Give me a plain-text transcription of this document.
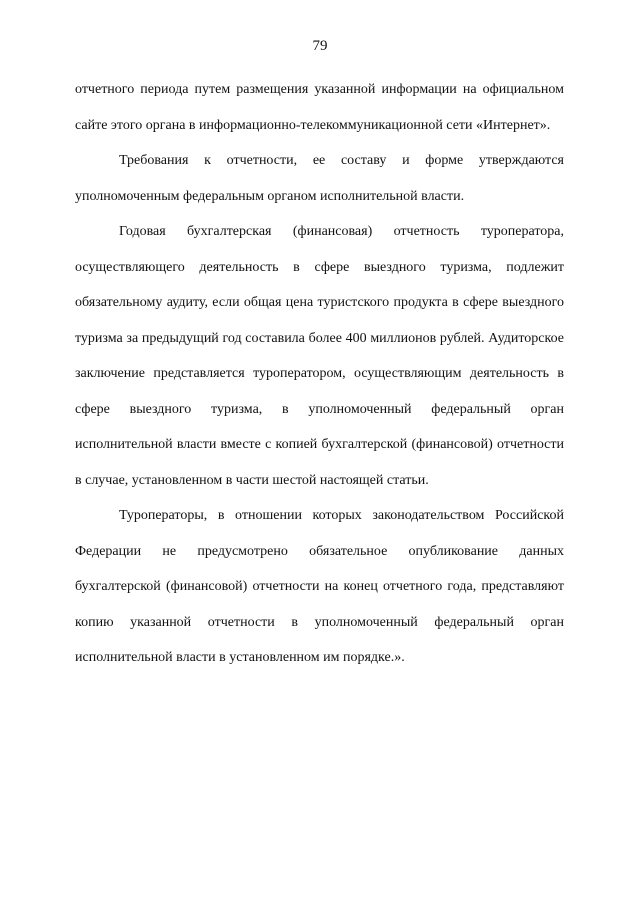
79

отчетного периода путем размещения указанной информации на официальном сайте этого органа в информационно-телекоммуникационной сети «Интернет».

Требования к отчетности, ее составу и форме утверждаются уполномоченным федеральным органом исполнительной власти.

Годовая бухгалтерская (финансовая) отчетность туроператора, осуществляющего деятельность в сфере выездного туризма, подлежит обязательному аудиту, если общая цена туристского продукта в сфере выездного туризма за предыдущий год составила более 400 миллионов рублей. Аудиторское заключение представляется туроператором, осуществляющим деятельность в сфере выездного туризма, в уполномоченный федеральный орган исполнительной власти вместе с копией бухгалтерской (финансовой) отчетности в случае, установленном в части шестой настоящей статьи.

Туроператоры, в отношении которых законодательством Российской Федерации не предусмотрено обязательное опубликование данных бухгалтерской (финансовой) отчетности на конец отчетного года, представляют копию указанной отчетности в уполномоченный федеральный орган исполнительной власти в установленном им порядке.».
